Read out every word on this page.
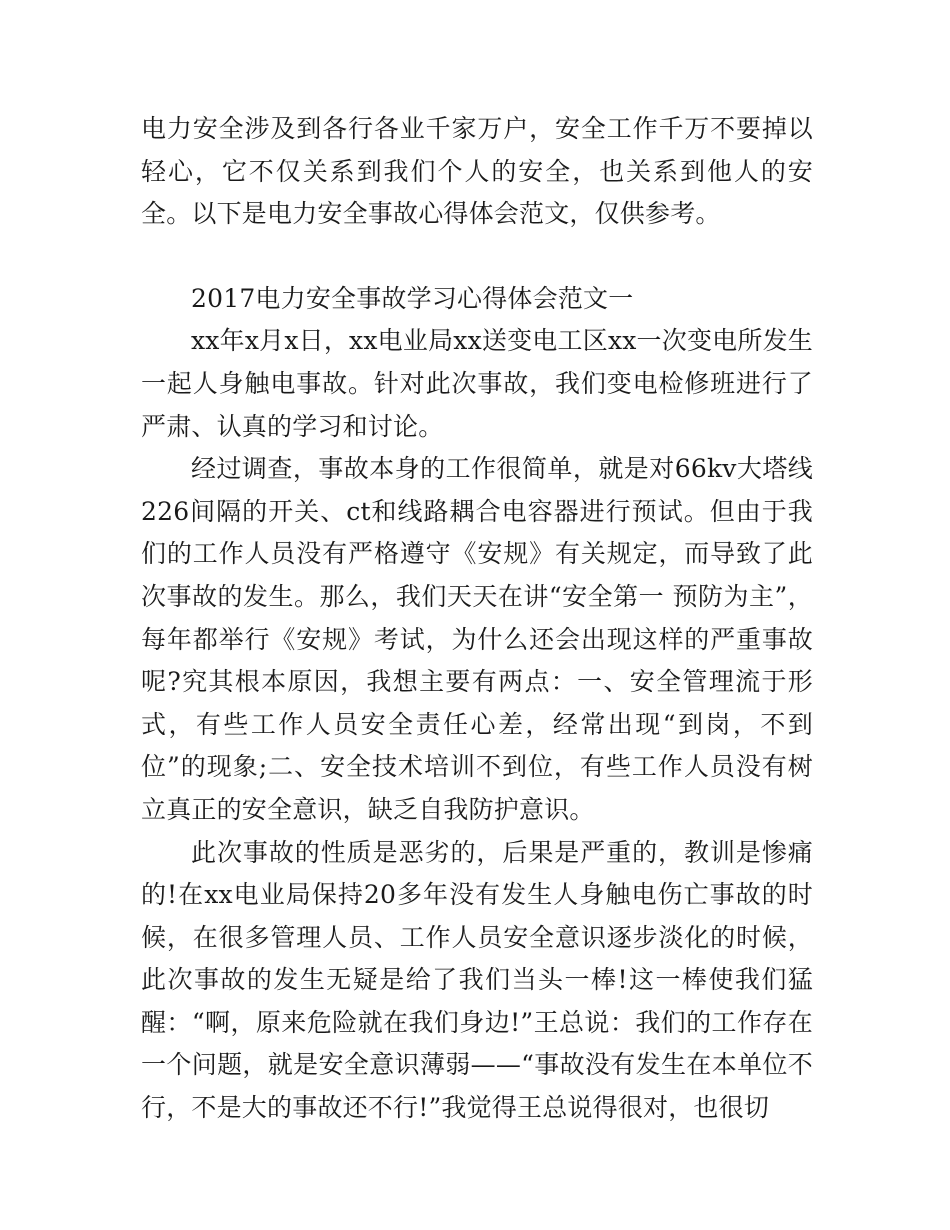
电力安全涉及到各行各业千家万户，安全工作千万不要掉以轻心，它不仅关系到我们个人的安全，也关系到他人的安全。以下是电力安全事故心得体会范文，仅供参考。

2017电力安全事故学习心得体会范文一

xx年x月x日，xx电业局xx送变电工区xx一次变电所发生一起人身触电事故。针对此次事故，我们变电检修班进行了严肃、认真的学习和讨论。

经过调查，事故本身的工作很简单，就是对66kv大塔线226间隔的开关、ct和线路耦合电容器进行预试。但由于我们的工作人员没有严格遵守《安规》有关规定，而导致了此次事故的发生。那么，我们天天在讲“安全第一 预防为主”，每年都举行《安规》考试，为什么还会出现这样的严重事故呢?究其根本原因，我想主要有两点：一、安全管理流于形式，有些工作人员安全责任心差，经常出现“到岗，不到位”的现象;二、安全技术培训不到位，有些工作人员没有树立真正的安全意识，缺乏自我防护意识。

此次事故的性质是恶劣的，后果是严重的，教训是惨痛的!在xx电业局保持20多年没有发生人身触电伤亡事故的时候，在很多管理人员、工作人员安全意识逐步淡化的时候，此次事故的发生无疑是给了我们当头一棒!这一棒使我们猛醒：“啊，原来危险就在我们身边!”王总说：我们的工作存在一个问题，就是安全意识薄弱——“事故没有发生在本单位不行，不是大的事故还不行!”我觉得王总说得很对，也很切
